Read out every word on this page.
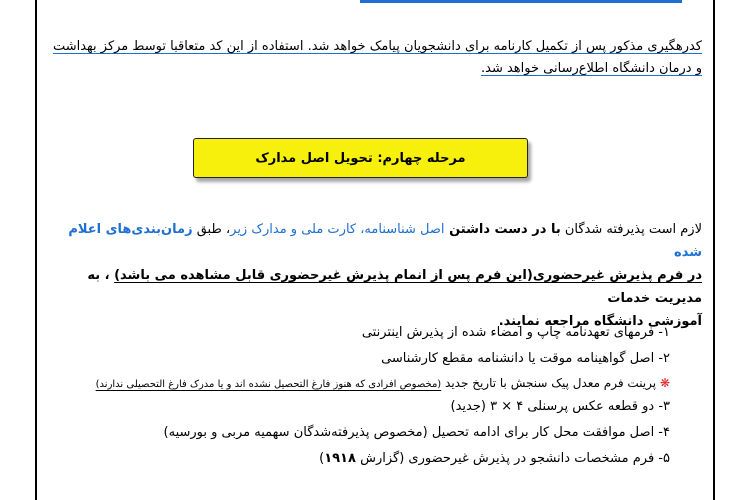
کدرهگیری مذکور پس از تکمیل کارنامه برای دانشجویان پیامک خواهد شد. استفاده از این کد متعاقبا توسط مرکز بهداشت
و درمان دانشگاه اطلاع‌رسانی خواهد شد.
مرحله چهارم: تحویل اصل مدارک
لازم است پذیرفته شدگان با در دست داشتن اصل شناسنامه، کارت ملی و مدارک زیر، طبق زمان‌بندی‌های اعلام شده
در فرم پذیرش غیرحضوری(این فرم پس از انمام پذیرش غیرحضوری قابل مشاهده می باشد) ، به مدیریت خدمات
آموزشی دانشگاه مراجعه نمایند.
۱- فرمهای تعهدنامه چاپ و امضاء شده از پذیرش اینترنتی
۲- اصل گواهینامه موقت یا دانشنامه مقطع کارشناسی
❋ پرینت فرم معدل پیک سنجش با تاریخ جدید (مخصوص افرادی که هنوز فارغ التحصیل نشده اند و یا مدرک فارغ التحصیلی ندارند)
۳- دو قطعه عکس پرسنلی ۴ × ۳ (جدید)
۴- اصل موافقت محل کار برای ادامه تحصیل (مخصوص پذیرفته‌شدگان سهمیه مربی و بورسیه)
۵- فرم مشخصات دانشجو در پذیرش غیرحضوری (گزارش ۱۹۱۸)
